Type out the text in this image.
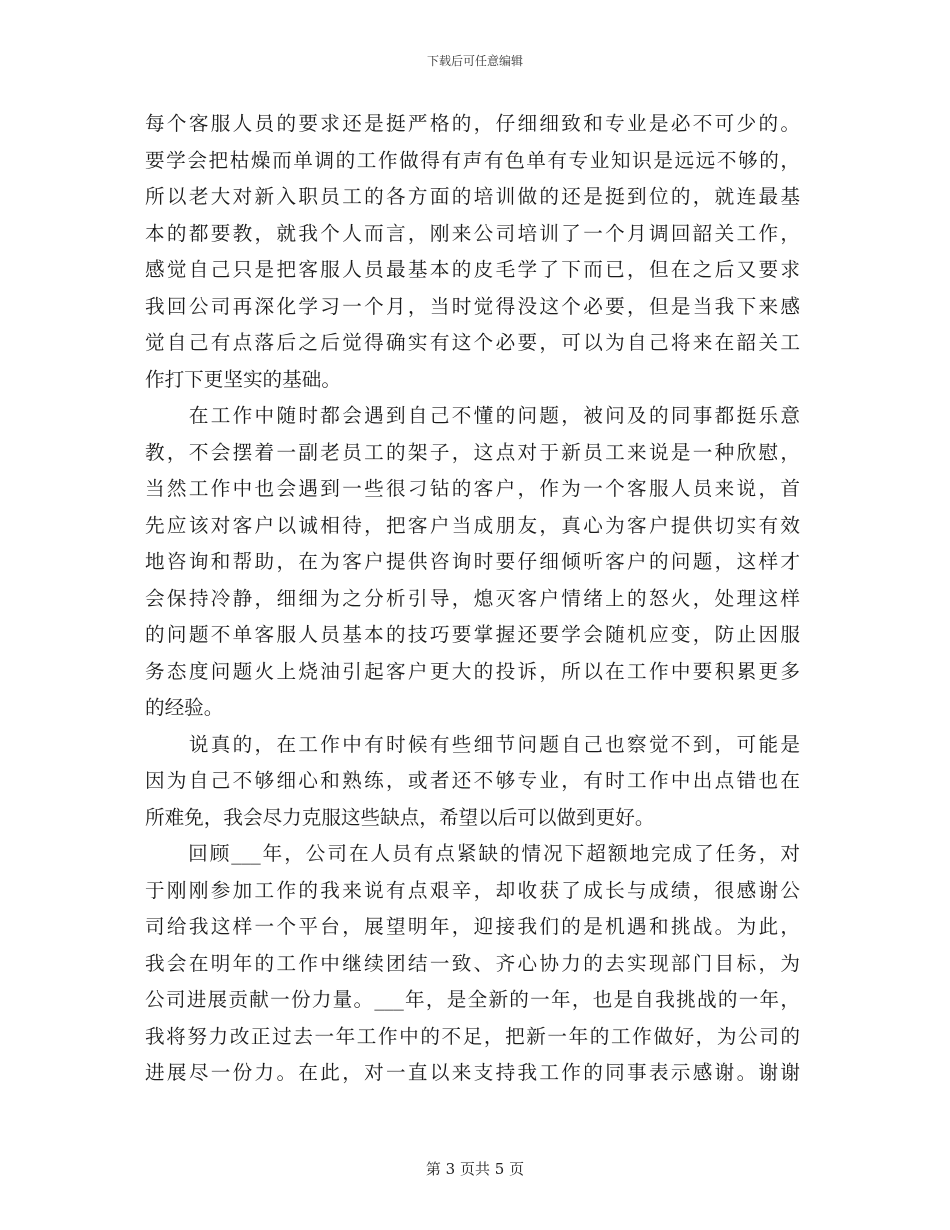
下载后可任意编辑
每个客服人员的要求还是挺严格的，仔细细致和专业是必不可少的。
要学会把枯燥而单调的工作做得有声有色单有专业知识是远远不够的，
所以老大对新入职员工的各方面的培训做的还是挺到位的，就连最基
本的都要教，就我个人而言，刚来公司培训了一个月调回韶关工作，
感觉自己只是把客服人员最基本的皮毛学了下而已，但在之后又要求
我回公司再深化学习一个月，当时觉得没这个必要，但是当我下来感
觉自己有点落后之后觉得确实有这个必要，可以为自己将来在韶关工
作打下更坚实的基础。
　　在工作中随时都会遇到自己不懂的问题，被问及的同事都挺乐意
教，不会摆着一副老员工的架子，这点对于新员工来说是一种欣慰，
当然工作中也会遇到一些很刁钻的客户，作为一个客服人员来说，首
先应该对客户以诚相待，把客户当成朋友，真心为客户提供切实有效
地咨询和帮助，在为客户提供咨询时要仔细倾听客户的问题，这样才
会保持冷静，细细为之分析引导，熄灭客户情绪上的怒火，处理这样
的问题不单客服人员基本的技巧要掌握还要学会随机应变，防止因服
务态度问题火上烧油引起客户更大的投诉，所以在工作中要积累更多
的经验。
　　说真的，在工作中有时候有些细节问题自己也察觉不到，可能是
因为自己不够细心和熟练，或者还不够专业，有时工作中出点错也在
所难免，我会尽力克服这些缺点，希望以后可以做到更好。
　　回顾___年，公司在人员有点紧缺的情况下超额地完成了任务，对
于刚刚参加工作的我来说有点艰辛，却收获了成长与成绩，很感谢公
司给我这样一个平台，展望明年，迎接我们的是机遇和挑战。为此，
我会在明年的工作中继续团结一致、齐心协力的去实现部门目标，为
公司进展贡献一份力量。___年，是全新的一年，也是自我挑战的一年，
我将努力改正过去一年工作中的不足，把新一年的工作做好，为公司的
进展尽一份力。在此，对一直以来支持我工作的同事表示感谢。谢谢
第 3 页共 5 页
